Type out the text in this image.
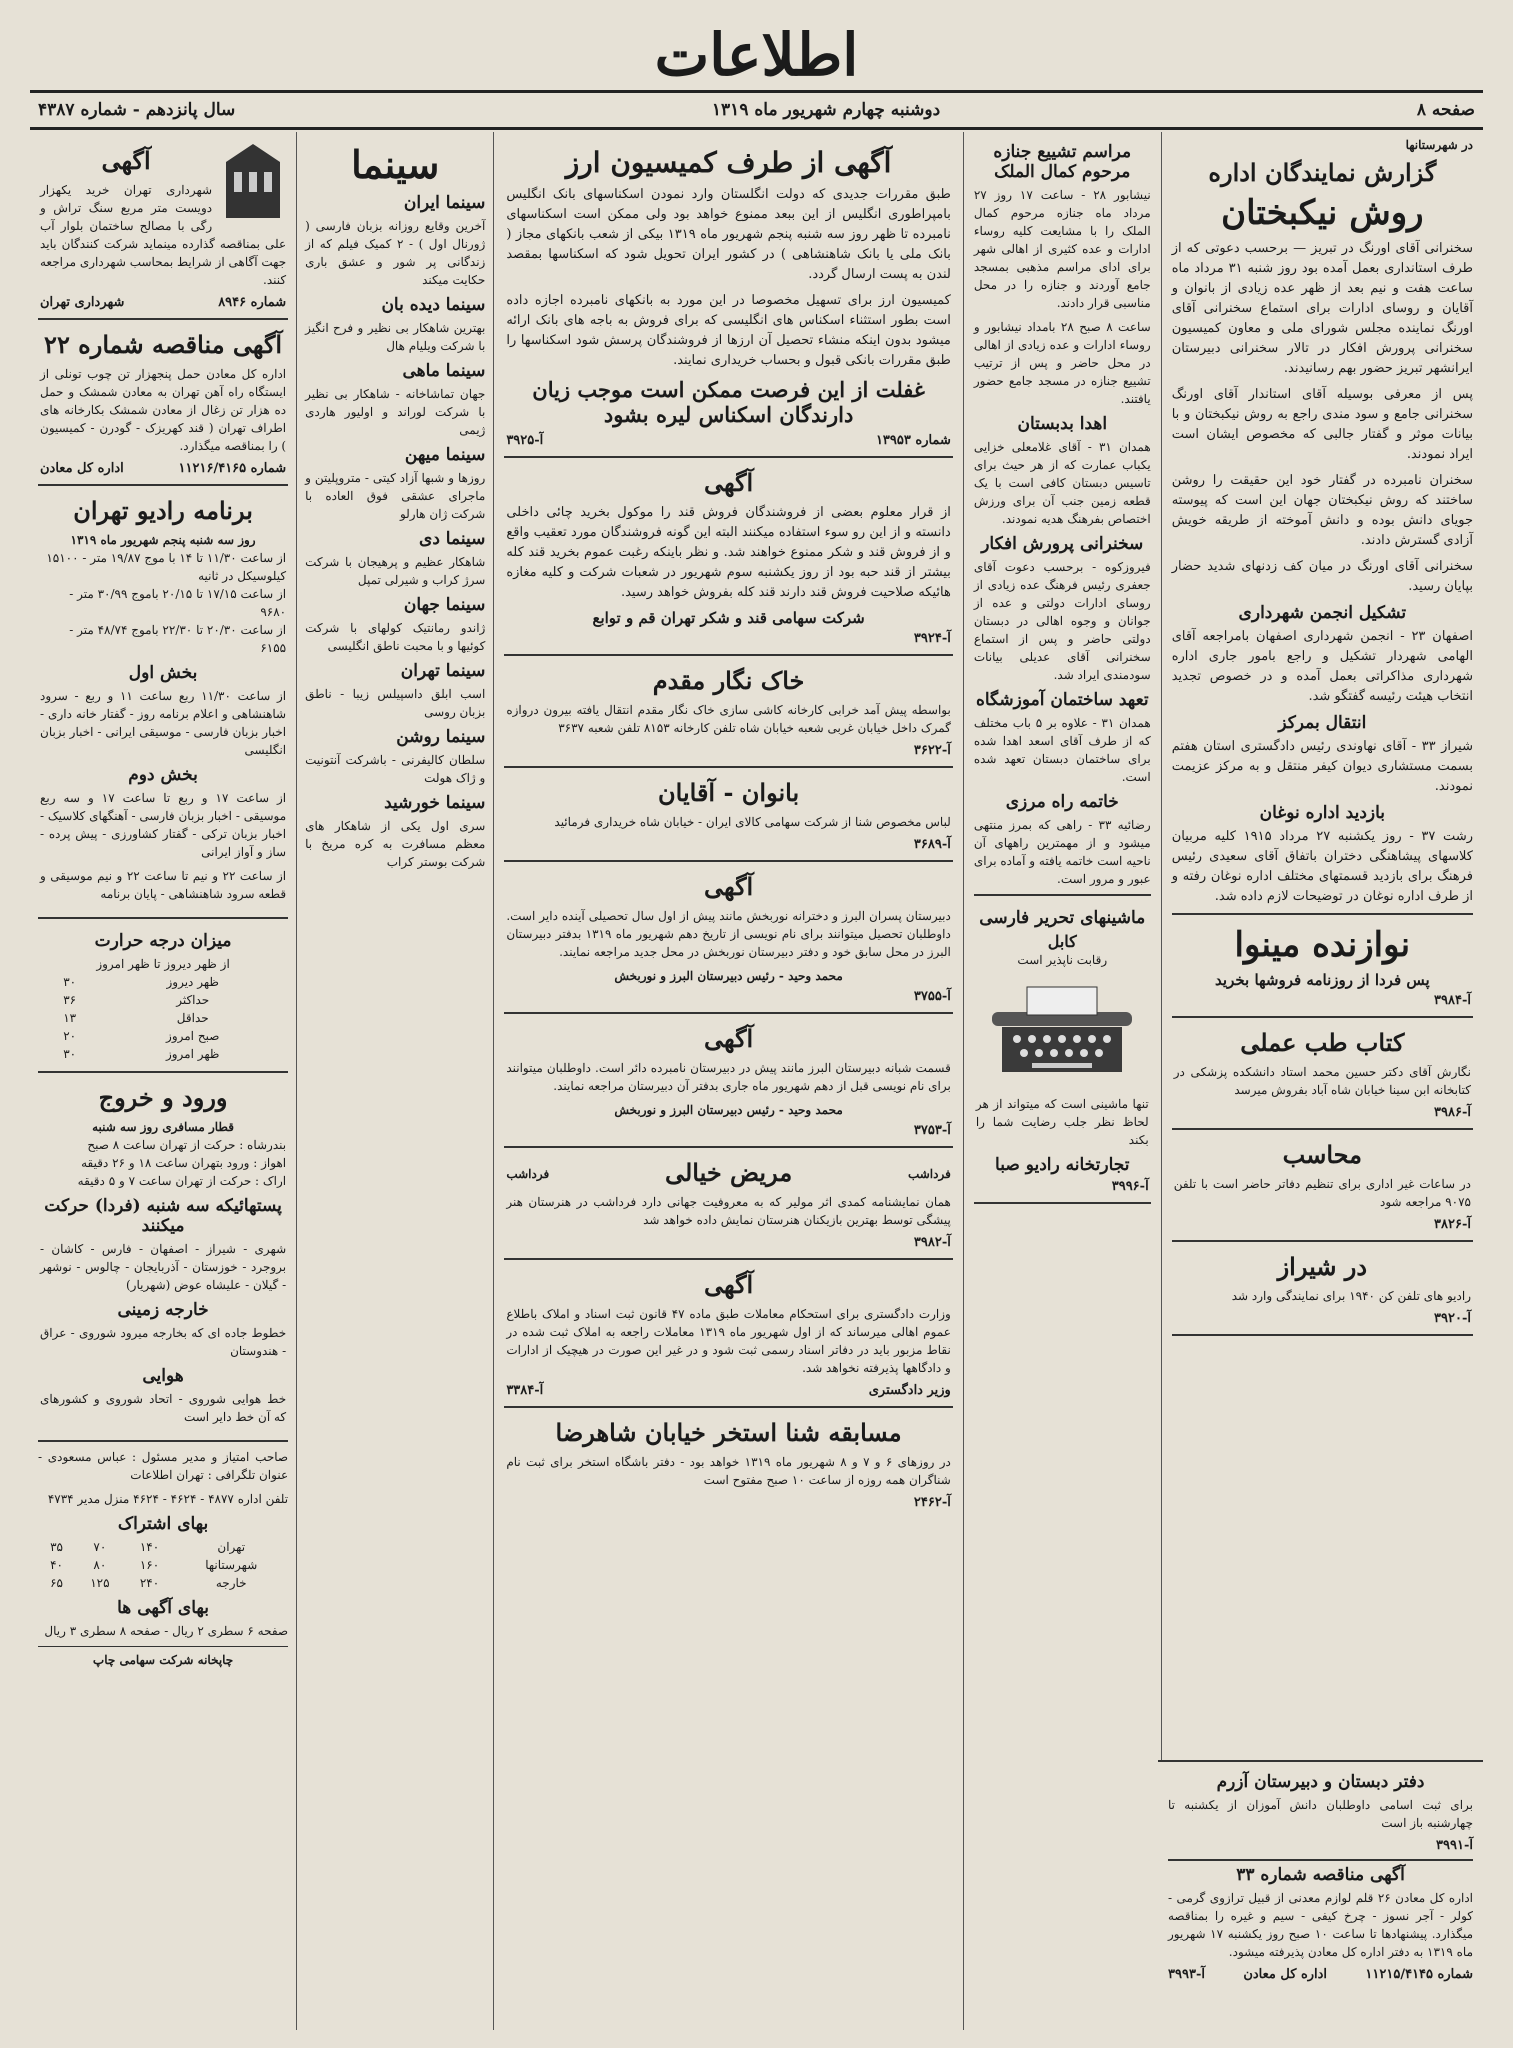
اطلاعات
صفحه ۸
دوشنبه چهارم شهریور ماه ۱۳۱۹
سال پانزدهم - شماره ۴۳۸۷
در شهرستانها
گزارش نمایندگان اداره
روش نیکبختان

سخنرانی آقای اورنگ در تبریز — برحسب دعوتی که از طرف استانداری بعمل آمده بود روز شنبه ۳۱ مرداد ماه ساعت هفت و نیم بعد از ظهر عده زیادی از بانوان و آقایان و روسای ادارات برای استماع سخنرانی آقای اورنگ نماینده مجلس شورای ملی و معاون کمیسیون سخنرانی پرورش افکار در تالار سخنرانی دبیرستان ایرانشهر تبریز حضور بهم رسانیدند.

پس از معرفی بوسیله آقای استاندار آقای اورنگ سخنرانی جامع و سود مندی راجع به روش نیکبختان و با بیانات موثر و گفتار جالبی که مخصوص ایشان است ایراد نمودند.

سخنران نامبرده در گفتار خود این حقیقت را روشن ساختند که روش نیکبختان جهان این است که پیوسته جویای دانش بوده و دانش آموخته از طریقه خویش آزادی گسترش دادند.

سخنرانی آقای اورنگ در میان کف زدنهای شدید حضار بپایان رسید.

تشکیل انجمن شهرداری

اصفهان ۲۳ - انجمن شهرداری اصفهان بامراجعه آقای الهامی شهردار تشکیل و راجع بامور جاری اداره شهرداری مذاکراتی بعمل آمده و در خصوص تجدید انتخاب هیئت رئیسه گفتگو شد.

انتقال بمرکز

شیراز ۳۳ - آقای نهاوندی رئیس دادگستری استان هفتم بسمت مستشاری دیوان کیفر منتقل و به مرکز عزیمت نمودند.

بازدید اداره نوغان

رشت ۳۷ - روز یکشنبه ۲۷ مرداد ۱۹۱۵ کلیه مربیان کلاسهای پیشاهنگی دختران باتفاق آقای سعیدی رئیس فرهنگ برای بازدید قسمتهای مختلف اداره نوغان رفته و از طرف اداره نوغان در توضیحات لازم داده شد.

نوازنده مینوا
پس فردا از روزنامه فروشها بخرید
آ-۳۹۸۴
کتاب طب عملی

نگارش آقای دکتر حسین محمد استاد دانشکده پزشکی در کتابخانه ابن سینا خیابان شاه آباد بفروش میرسد

آ-۳۹۸۶
محاسب

در ساعات غیر اداری برای تنظیم دفاتر حاضر است با تلفن ۹۰۷۵ مراجعه شود

آ-۳۸۲۶
در شیراز

رادیو های تلفن کن ۱۹۴۰ برای نمایندگی وارد شد

آ-۳۹۲۰
مراسم تشییع جنازه مرحوم کمال الملک

نیشابور ۲۸ - ساعت ۱۷ روز ۲۷ مرداد ماه جنازه مرحوم کمال الملک را با مشایعت کلیه روساء ادارات و عده کثیری از اهالی شهر برای ادای مراسم مذهبی بمسجد جامع آوردند و جنازه را در محل مناسبی قرار دادند.

ساعت ۸ صبح ۲۸ بامداد نیشابور و روساء ادارات و عده زیادی از اهالی در محل حاضر و پس از ترتیب تشییع جنازه در مسجد جامع حضور یافتند.

اهدا بدبستان

همدان ۳۱ - آقای غلامعلی خزایی یکباب عمارت که از هر حیث برای تاسیس دبستان کافی است با یک قطعه زمین جنب آن برای ورزش اختصاص بفرهنگ هدیه نمودند.

سخنرانی پرورش افکار

فیروزکوه - برحسب دعوت آقای جعفری رئیس فرهنگ عده زیادی از روسای ادارات دولتی و عده از جوانان و وجوه اهالی در دبستان دولتی حاضر و پس از استماع سخنرانی آقای عدیلی بیانات سودمندی ایراد شد.

تعهد ساختمان آموزشگاه

همدان ۳۱ - علاوه بر ۵ باب مختلف که از طرف آقای اسعد اهدا شده برای ساختمان دبستان تعهد شده است.

خاتمه راه مرزی

رضائیه ۳۳ - راهی که بمرز منتهی میشود و از مهمترین راههای آن ناحیه است خاتمه یافته و آماده برای عبور و مرور است.

ماشینهای تحریر فارسی
کابل
رقابت ناپذیر است

تنها ماشینی است که میتواند از هر لحاظ نظر جلب رضایت شما را بکند

تجارتخانه رادیو صبا
آ-۳۹۹۶
آگهی از طرف کمیسیون ارز

طبق مقررات جدیدی که دولت انگلستان وارد نمودن اسکناسهای بانک انگلیس بامپراطوری انگلیس از این ببعد ممنوع خواهد بود ولی ممکن است اسکناسهای نامبرده تا ظهر روز سه شنبه پنجم شهریور ماه ۱۳۱۹ بیکی از شعب بانکهای مجاز ( بانک ملی یا بانک شاهنشاهی ) در کشور ایران تحویل شود که اسکناسها بمقصد لندن به پست ارسال گردد.

کمیسیون ارز برای تسهیل مخصوصا در این مورد به بانکهای نامبرده اجازه داده است بطور استثناء اسکناس های انگلیسی که برای فروش به باجه های بانک ارائه میشود بدون اینکه منشاء تحصیل آن ارزها از فروشندگان پرسش شود اسکناسها را طبق مقررات بانکی قبول و بحساب خریداری نمایند.

غفلت از این فرصت ممکن است موجب زیان دارندگان اسکناس لیره بشود
شماره ۱۳۹۵۳
آ-۳۹۲۵
آگهی

از قرار معلوم بعضی از فروشندگان فروش قند را موکول بخرید چائی داخلی دانسته و از این رو سوء استفاده میکنند البته این گونه فروشندگان مورد تعقیب واقع و از فروش قند و شکر ممنوع خواهند شد. و نظر باینکه رغبت عموم بخرید قند کله بیشتر از قند حبه بود از روز یکشنبه سوم شهریور در شعبات شرکت و کلیه مغازه هائیکه صلاحیت فروش قند دارند قند کله بفروش خواهد رسید.

شرکت سهامی قند و شکر تهران قم و توابع
آ-۳۹۲۴
خاک نگار مقدم

بواسطه پیش آمد خرابی کارخانه کاشی سازی خاک نگار مقدم انتقال یافته بیرون دروازه گمرک داخل خیابان غربی شعبه خیابان شاه تلفن کارخانه ۸۱۵۳ تلفن شعبه ۳۶۳۷

آ-۳۶۲۲
بانوان - آقایان

لباس مخصوص شنا از شرکت سهامی کالای ایران - خیابان شاه خریداری فرمائید

آ-۳۶۸۹
آگهی

دبیرستان پسران البرز و دخترانه نوربخش مانند پیش از اول سال تحصیلی آینده دایر است. داوطلبان تحصیل میتوانند برای نام نویسی از تاریخ دهم شهریور ماه ۱۳۱۹ بدفتر دبیرستان البرز در محل سابق خود و دفتر دبیرستان نوربخش در محل جدید مراجعه نمایند.

محمد وحید - رئیس دبیرستان البرز و نوربخش
آ-۳۷۵۵
آگهی

قسمت شبانه دبیرستان البرز مانند پیش در دبیرستان نامبرده دائر است. داوطلبان میتوانند برای نام نویسی قبل از دهم شهریور ماه جاری بدفتر آن دبیرستان مراجعه نمایند.

محمد وحید - رئیس دبیرستان البرز و نوربخش
آ-۳۷۵۳
فرداشب
مریض خیالی
فرداشب

همان نمایشنامه کمدی اثر مولیر که به معروفیت جهانی دارد فرداشب در هنرستان هنر پیشگی توسط بهترین بازیکنان هنرستان نمایش داده خواهد شد

آ-۳۹۸۲
آگهی

وزارت دادگستری برای استحکام معاملات طبق ماده ۴۷ قانون ثبت اسناد و املاک باطلاع عموم اهالی میرساند که از اول شهریور ماه ۱۳۱۹ معاملات راجعه به املاک ثبت شده در نقاط مزبور باید در دفاتر اسناد رسمی ثبت شود و در غیر این صورت در هیچیک از ادارات و دادگاهها پذیرفته نخواهد شد.

وزیر دادگستری
آ-۳۳۸۴
مسابقه شنا استخر خیابان شاهرضا

در روزهای ۶ و ۷ و ۸ شهریور ماه ۱۳۱۹ خواهد بود - دفتر باشگاه استخر برای ثبت نام شناگران همه روزه از ساعت ۱۰ صبح مفتوح است

آ-۲۴۶۲
سینما
سینما ایران

آخرین وقایع روزانه بزبان فارسی ( ژورنال اول ) - ۲ کمیک فیلم که از زندگانی پر شور و عشق باری حکایت میکند

سینما دیده بان

بهترین شاهکار بی نظیر و فرح انگیز با شرکت ویلیام هال

سینما ماهی

جهان تماشاخانه - شاهکار بی نظیر با شرکت لوراند و اولیور هاردی ژیمی

سینما میهن

روزها و شبها آزاد کیتی - متروپلیتن و ماجرای عشقی فوق العاده با شرکت ژان هارلو

سینما دی

شاهکار عظیم و پرهیجان با شرکت سرژ کراب و شیرلی تمپل

سینما جهان

ژاندو رمانتیک کولهای با شرکت کوئیها و با محبت ناطق انگلیسی

سینما تهران

اسب ابلق داسپیلس زیبا - ناطق بزبان روسی

سینما روشن

سلطان کالیفرنی - باشرکت آنتونیت و ژاک هولت

سینما خورشید

سری اول یکی از شاهکار های معظم مسافرت به کره مریخ با شرکت بوستر کراب

آگهی

شهرداری تهران خرید یکهزار دویست متر مربع سنگ تراش و رگی با مصالح ساختمان بلوار آب علی بمناقصه گذارده مینماید شرکت کنندگان باید جهت آگاهی از شرایط بمحاسب شهرداری مراجعه کنند.

شماره ۸۹۴۶
شهرداری تهران
آگهی مناقصه شماره ۲۲

اداره کل معادن حمل پنجهزار تن چوب تونلی از ایستگاه راه آهن تهران به معادن شمشک و حمل ده هزار تن زغال از معادن شمشک بکارخانه های اطراف تهران ( قند کهریزک - گودرن - کمیسیون ) را بمناقصه میگذارد.

شماره ۱۱۲۱۶/۴۱۶۵
اداره کل معادن
برنامه رادیو تهران
روز سه شنبه پنجم شهریور ماه ۱۳۱۹
از ساعت ۱۱/۳۰ تا ۱۴ با موج ۱۹/۸۷ متر - ۱۵۱۰۰ کیلوسیکل در ثانیه
از ساعت ۱۷/۱۵ تا ۲۰/۱۵ باموج ۳۰/۹۹ متر - ۹۶۸۰
از ساعت ۲۰/۳۰ تا ۲۲/۳۰ باموج ۴۸/۷۴ متر - ۶۱۵۵
بخش اول

از ساعت ۱۱/۳۰ ربع ساعت ۱۱ و ربع - سرود شاهنشاهی و اعلام برنامه روز - گفتار خانه داری - اخبار بزبان فارسی - موسیقی ایرانی - اخبار بزبان انگلیسی

بخش دوم

از ساعت ۱۷ و ربع تا ساعت ۱۷ و سه ربع موسیقی - اخبار بزبان فارسی - آهنگهای کلاسیک - اخبار بزبان ترکی - گفتار کشاورزی - پیش پرده - ساز و آواز ایرانی

از ساعت ۲۲ و نیم تا ساعت ۲۲ و نیم موسیقی و قطعه سرود شاهنشاهی - پایان برنامه

میزان درجه حرارت
از ظهر دیروز تا ظهر امروز
ظهر دیروز	۳۰
حداکثر	۳۶
حداقل	۱۳
صبح امروز	۲۰
ظهر امروز	۳۰
ورود و خروج
قطار مسافری روز سه شنبه
بندرشاه : حرکت از تهران ساعت ۸ صبح
اهواز : ورود بتهران ساعت ۱۸ و ۲۶ دقیقه
اراک : حرکت از تهران ساعت ۷ و ۵ دقیقه
پستهائیکه سه شنبه (فردا) حرکت میکنند

شهری - شیراز - اصفهان - فارس - کاشان - بروجرد - خوزستان - آذربایجان - چالوس - نوشهر - گیلان - علیشاه عوض (شهریار)

خارجه زمینی

خطوط جاده ای که بخارجه میرود شوروی - عراق - هندوستان

هوایی

خط هوایی شوروی - اتحاد شوروی و کشورهای که آن خط دایر است

صاحب امتیاز و مدیر مسئول : عباس مسعودی - عنوان تلگرافی : تهران اطلاعات

تلفن اداره ۴۸۷۷ - ۴۶۲۴ - ۴۶۲۴ منزل مدیر ۴۷۳۴

بهای اشتراک
تهران	۱۴۰	۷۰	۳۵
شهرستانها	۱۶۰	۸۰	۴۰
خارجه	۲۴۰	۱۲۵	۶۵
بهای آگهی ها

صفحه ۶ سطری ۲ ریال - صفحه ۸ سطری ۳ ریال

چاپخانه شرکت سهامی چاپ
دفتر دبستان و دبیرستان آزرم

برای ثبت اسامی داوطلبان دانش آموزان از یکشنبه تا چهارشنبه باز است

آ-۳۹۹۱
آگهی مناقصه شماره ۳۳

اداره کل معادن ۲۶ قلم لوازم معدنی از قبیل ترازوی گرمی - کولر - آجر نسوز - چرخ کیفی - سیم و غیره را بمناقصه میگذارد. پیشنهادها تا ساعت ۱۰ صبح روز یکشنبه ۱۷ شهریور ماه ۱۳۱۹ به دفتر اداره کل معادن پذیرفته میشود.

شماره ۱۱۲۱۵/۴۱۴۵
اداره کل معادن
آ-۳۹۹۳
